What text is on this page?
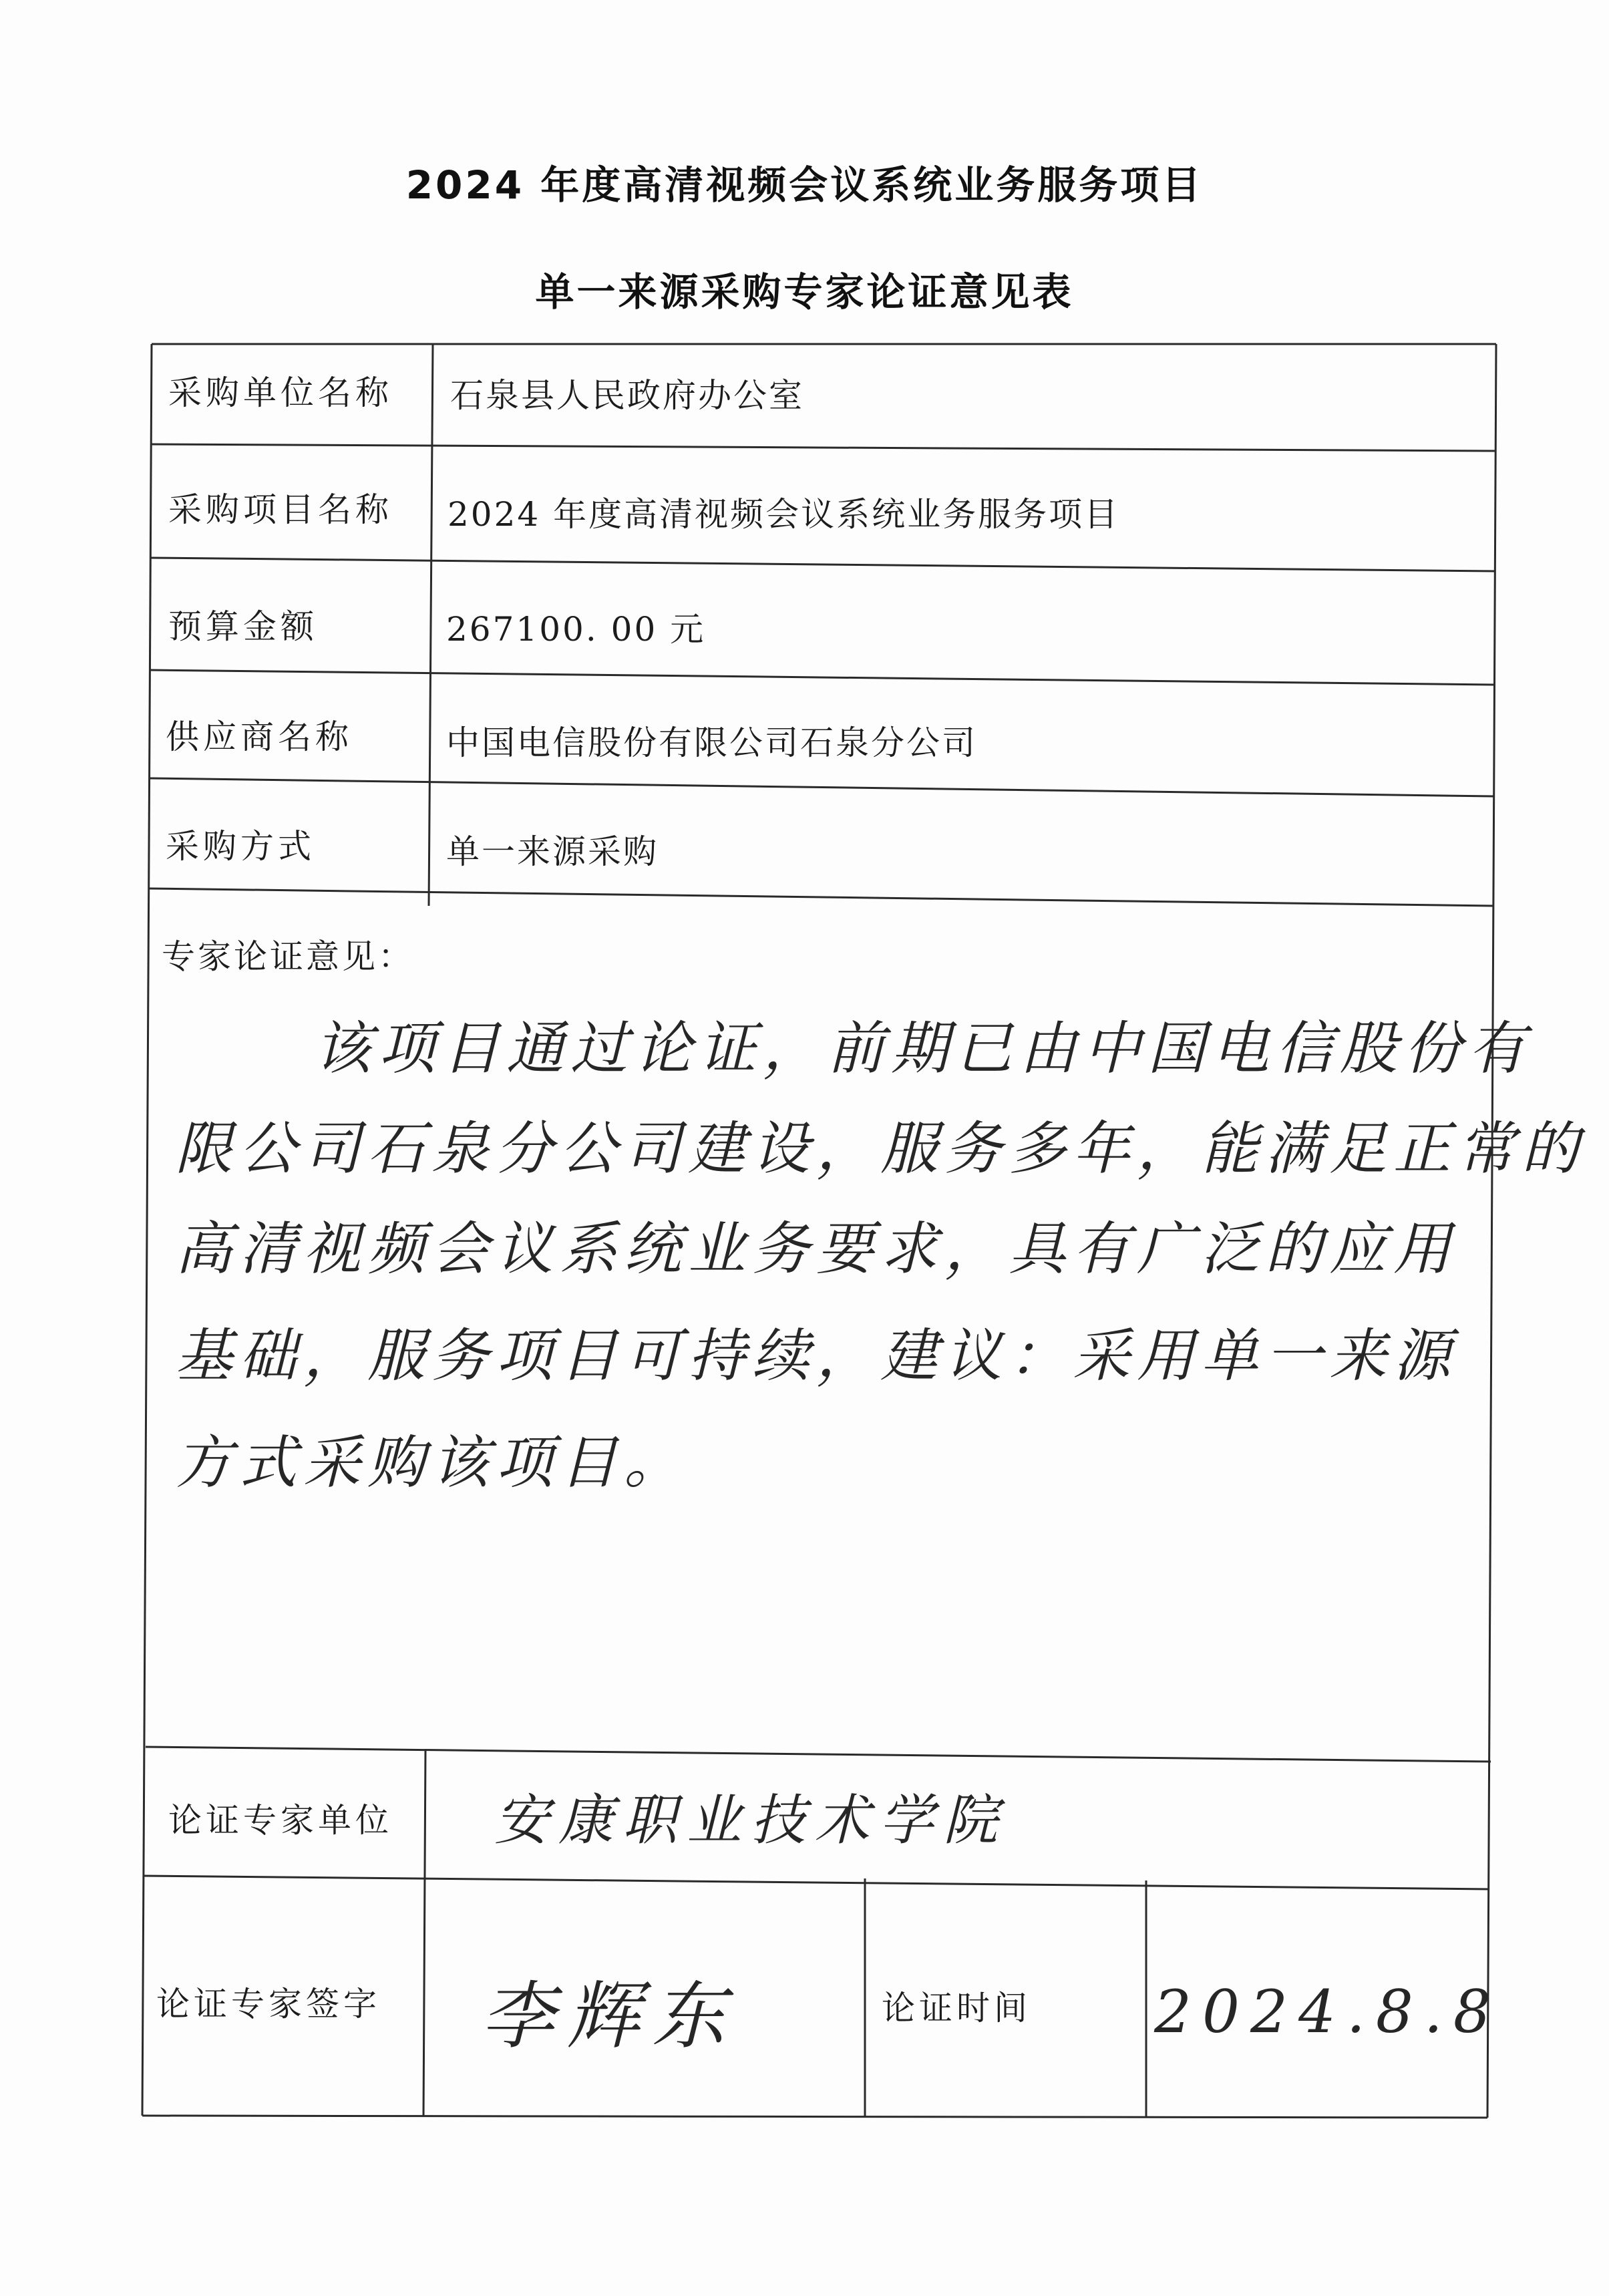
2024 年度高清视频会议系统业务服务项目
单一来源采购专家论证意见表
采购单位名称 石泉县人民政府办公室
采购项目名称 2024 年度高清视频会议系统业务服务项目
预算金额	267100. 00 元
供应商名称	中国电信股份有限公司石泉分公司
采购方式	单一来源采购
专家论证意见：
该项目通过论证，前期已由中国电信股份有
限公司石泉分公司建设，服务多年，能满足正常的
高清视频会议系统业务要求，具有广泛的应用
基础，服务项目可持续，建议：采用单一来源
方式采购该项目。
论证专家单位 安康职业技术学院
论证专家签字 李辉东	论证时间 2024.8.8
